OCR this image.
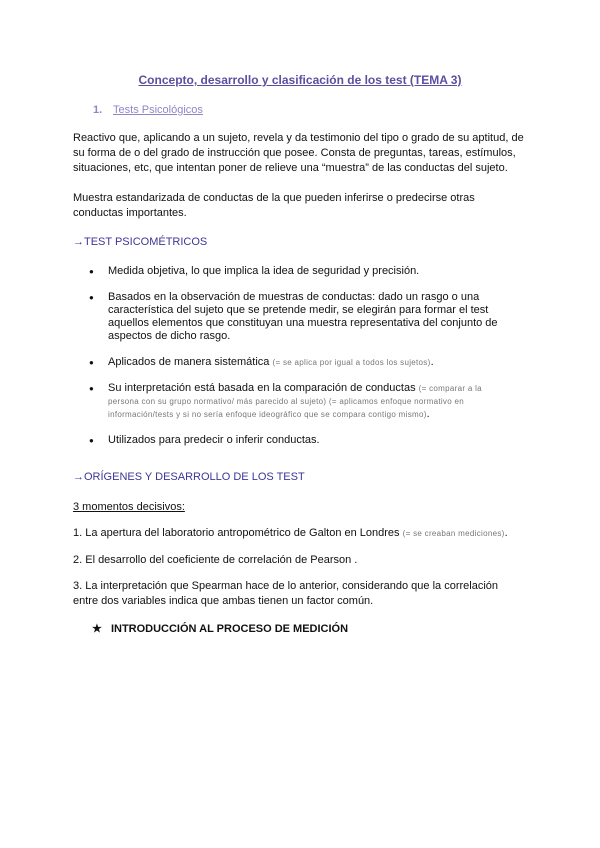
Concepto, desarrollo y clasificación de los test (TEMA 3)
1. Tests Psicológicos
Reactivo que, aplicando a un sujeto, revela y da testimonio del tipo o grado de su aptitud, de
su forma de o del grado de instrucción que posee. Consta de preguntas, tareas, estímulos,
situaciones, etc, que intentan poner de relieve una “muestra” de las conductas del sujeto.
Muestra estandarizada de conductas de la que pueden inferirse o predecirse otras
conductas importantes.
→TEST PSICOMÉTRICOS
● Medida objetiva, lo que implica la idea de seguridad y precisión.
● Basados en la observación de muestras de conductas: dado un rasgo o una
característica del sujeto que se pretende medir, se elegirán para formar el test
aquellos elementos que constituyan una muestra representativa del conjunto de
aspectos de dicho rasgo.
● Aplicados de manera sistemática (= se aplica por igual a todos los sujetos).
● Su interpretación está basada en la comparación de conductas (= comparar a la
persona con su grupo normativo/ más parecido al sujeto) (= aplicamos enfoque normativo en
información/tests y si no sería enfoque ideográfico que se compara contigo mismo).
● Utilizados para predecir o inferir conductas.
→ORÍGENES Y DESARROLLO DE LOS TEST
3 momentos decisivos:
1. La apertura del laboratorio antropométrico de Galton en Londres (= se creaban mediciones).
2. El desarrollo del coeficiente de correlación de Pearson .
3. La interpretación que Spearman hace de lo anterior, considerando que la correlación
entre dos variables indica que ambas tienen un factor común.
★ INTRODUCCIÓN AL PROCESO DE MEDICIÓN
